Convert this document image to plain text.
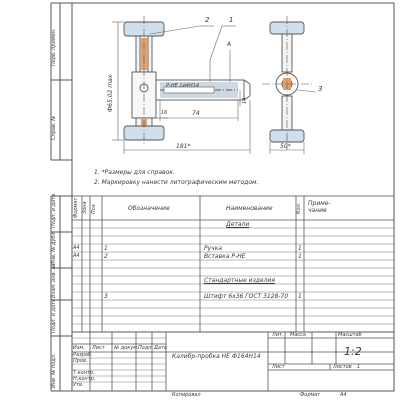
Перв. примен.
Справ. №
Подп. и дата
Инв. № дубл.
Взам. инв. №
Подп. и дата
Инв. № подл.
Ф65,02 max
181*
74
16
14
50*
Р-НЕ 1й4Н14
2	1
A
3
1. *Размеры для справок.
2. Маркировку нанести литографическим методом.
Формат Зона Поз.	Обозначение	Наименование	Кол. Приме-чание
Детали
А4	1	Ручка	1
А4	2	Вставка Р-НЕ	1
Стандартные изделия
3	Штифт 6х36 ГОСТ 3128-70 1
Изм. Лист № докум. Подп. Дата
Разраб.
Пров.
Т.контр.
Н.контр.
Утв.
Калибр-пробка НЕ Ф164Н14
Лит. Масса	Масштаб
1:2
Лист	Листов 1
Копировал	Формат	А4
